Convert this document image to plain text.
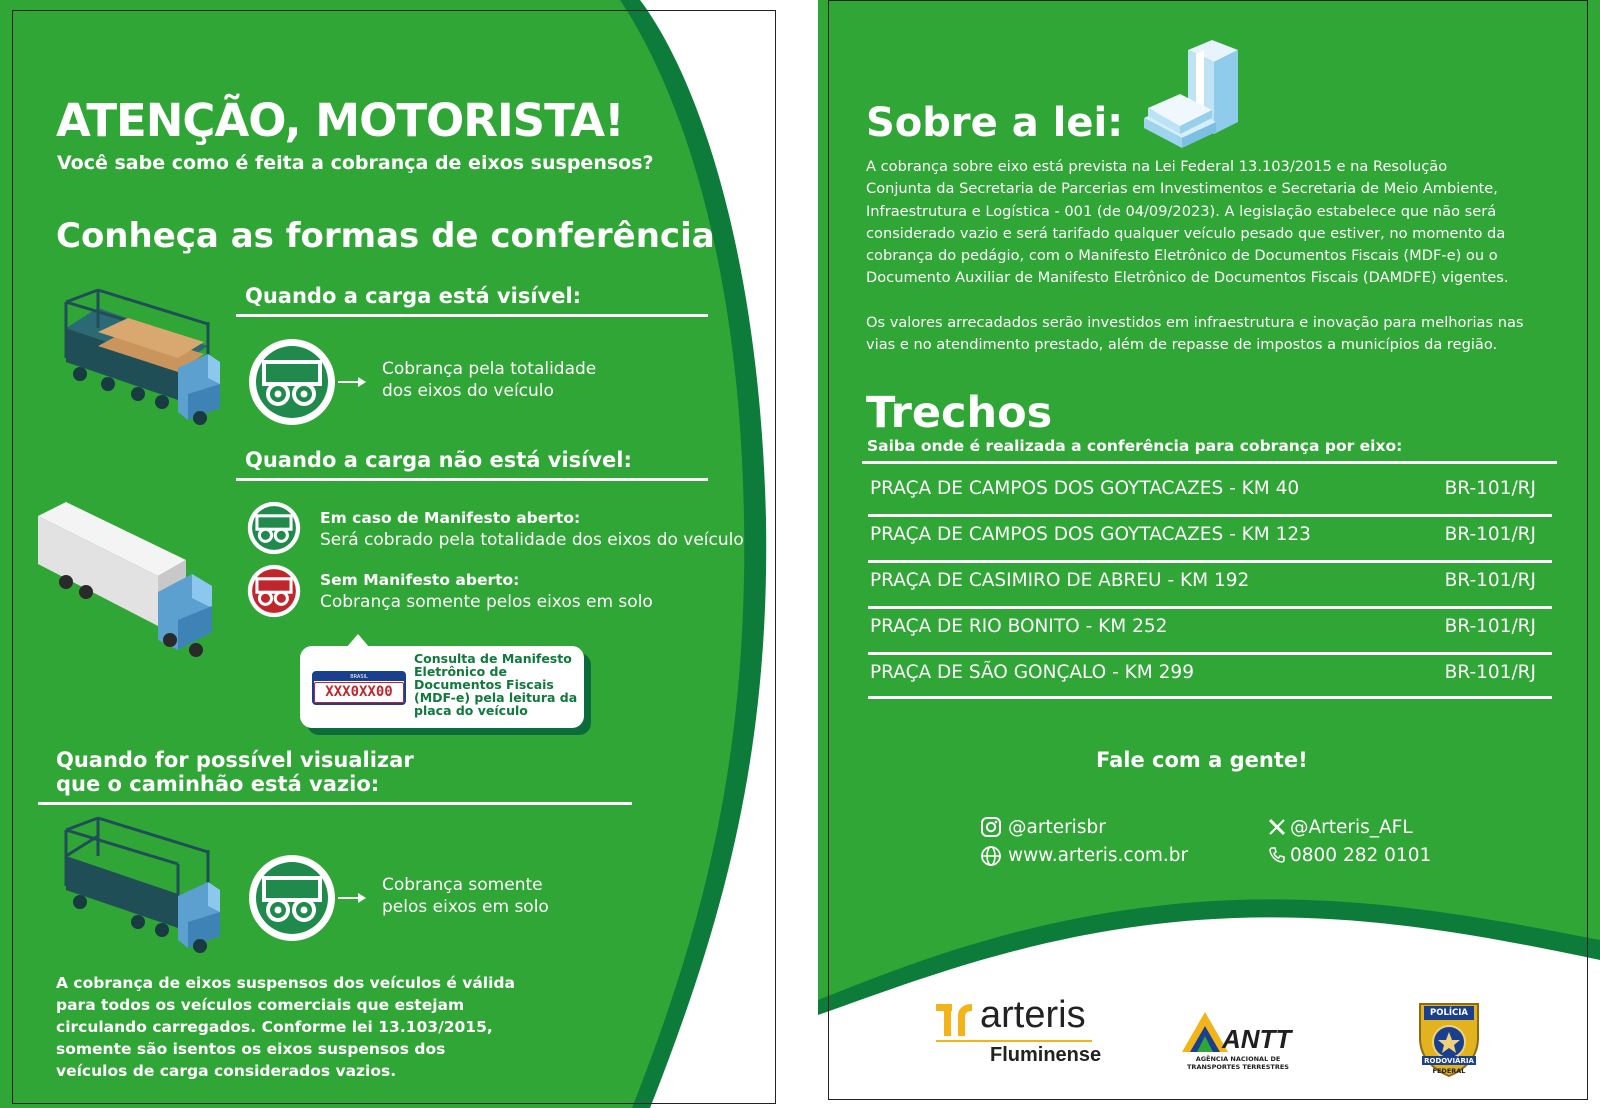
ATENÇÃO, MOTORISTA!
Você sabe como é feita a cobrança de eixos suspensos?
Conheça as formas de conferência
Quando a carga está visível:
Cobrança pela totalidade
dos eixos do veículo
Quando a carga não está visível:
Em caso de Manifesto aberto:
Será cobrado pela totalidade dos eixos do veículo
Sem Manifesto aberto:
Cobrança somente pelos eixos em solo
BRASIL
XXX0XX00
Consulta de Manifesto Eletrônico de Documentos Fiscais (MDF-e) pela leitura da placa do veículo
Quando for possível visualizar
que o caminhão está vazio:
Cobrança somente
pelos eixos em solo
A cobrança de eixos suspensos dos veículos é válida
para todos os veículos comerciais que estejam
circulando carregados. Conforme lei 13.103/2015,
somente são isentos os eixos suspensos dos
veículos de carga considerados vazios.
Sobre a lei:
A cobrança sobre eixo está prevista na Lei Federal 13.103/2015 e na Resolução
Conjunta da Secretaria de Parcerias em Investimentos e Secretaria de Meio Ambiente,
Infraestrutura e Logística - 001 (de 04/09/2023). A legislação estabelece que não será
considerado vazio e será tarifado qualquer veículo pesado que estiver, no momento da
cobrança do pedágio, com o Manifesto Eletrônico de Documentos Fiscais (MDF-e) ou o
Documento Auxiliar de Manifesto Eletrônico de Documentos Fiscais (DAMDFE) vigentes.
Os valores arrecadados serão investidos em infraestrutura e inovação para melhorias nas
vias e no atendimento prestado, além de repasse de impostos a municípios da região.
Trechos
Saiba onde é realizada a conferência para cobrança por eixo:
PRAÇA DE CAMPOS DOS GOYTACAZES - KM 40	BR-101/RJ
PRAÇA DE CAMPOS DOS GOYTACAZES - KM 123	BR-101/RJ
PRAÇA DE CASIMIRO DE ABREU - KM 192	BR-101/RJ
PRAÇA DE RIO BONITO - KM 252	BR-101/RJ
PRAÇA DE SÃO GONÇALO - KM 299	BR-101/RJ
Fale com a gente!
@arterisbr
www.arteris.com.br
@Arteris_AFL
0800 282 0101
arteris
Fluminense
ANTT
AGÊNCIA NACIONAL DE
TRANSPORTES TERRESTRES
POLÍCIA
RODOVIÁRIA
FEDERAL
